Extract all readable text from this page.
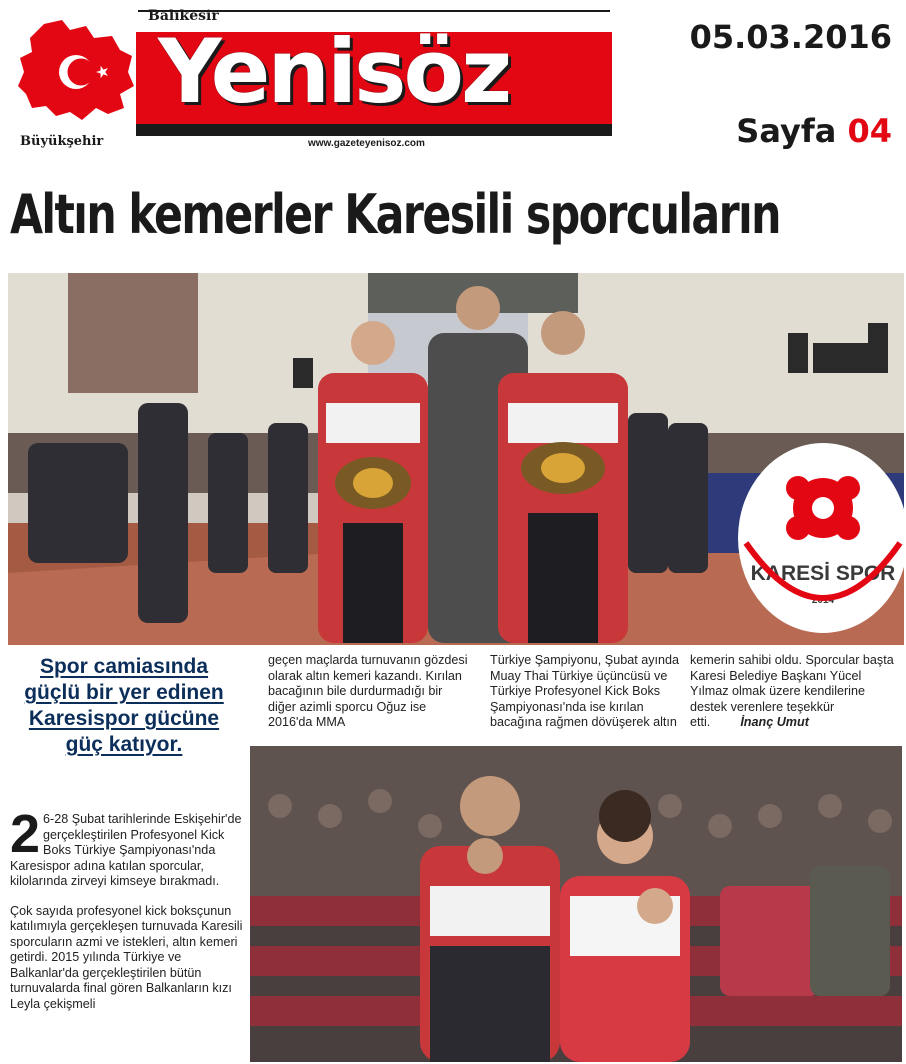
Balıkesir
Yenisöz
www.gazeteyenisoz.com
Büyükşehir
05.03.2016
Sayfa 04
Altın kemerler Karesili sporcuların
KARESİ SPOR
2014
Spor camiasında güçlü bir yer edinen Karesispor gücüne güç katıyor.
geçen maçlarda turnuvanın gözdesi olarak altın kemeri kazandı. Kırılan bacağının bile durdurmadığı bir diğer azimli sporcu Oğuz ise 2016'da MMA
Türkiye Şampiyonu, Şubat ayında Muay Thai Türkiye üçüncüsü ve Türkiye Profesyonel Kick Boks Şampiyonası'nda ise kırılan bacağına rağmen dövüşerek altın
kemerin sahibi oldu. Sporcular başta Karesi Belediye Başkanı Yücel Yılmaz olmak üzere kendilerine destek verenlere teşekkür etti. İnanç Umut

2 6-28 Şubat tarihlerinde Eskişehir'de gerçekleştirilen Profesyonel Kick Boks Türkiye Şampiyonası'nda Karesispor adına katılan sporcular, kilolarında zirveyi kimseye bırakmadı.

Çok sayıda profesyonel kick boksçunun katılımıyla gerçekleşen turnuvada Karesili sporcuların azmi ve istekleri, altın kemeri getirdi. 2015 yılında Türkiye ve Balkanlar'da gerçekleştirilen bütün turnuvalarda final gören Balkanların kızı Leyla çekişmeli
